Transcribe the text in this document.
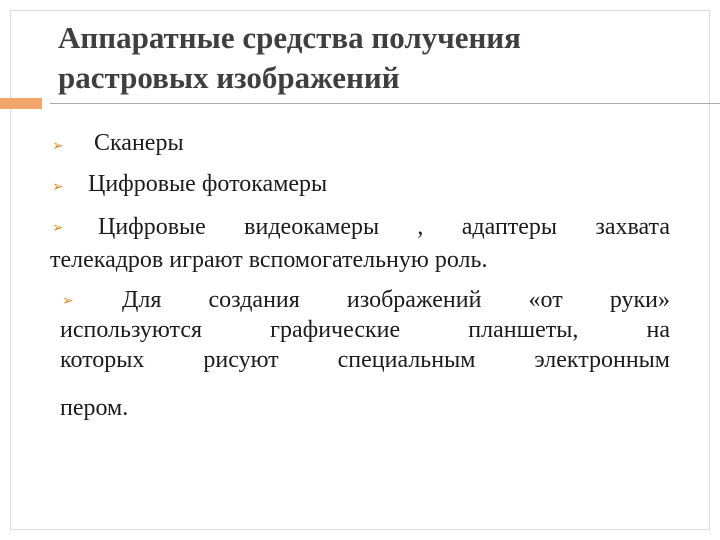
Аппаратные средства получения
растровых изображений
➢ Сканеры
➢ Цифровые фотокамеры
➢	Цифровые видеокамеры , адаптеры захвата
телекадров играют вспомогательную роль.
➢	Для создания изображений «от руки»
используются графические планшеты, на
которых рисуют специальным электронным
пером.
